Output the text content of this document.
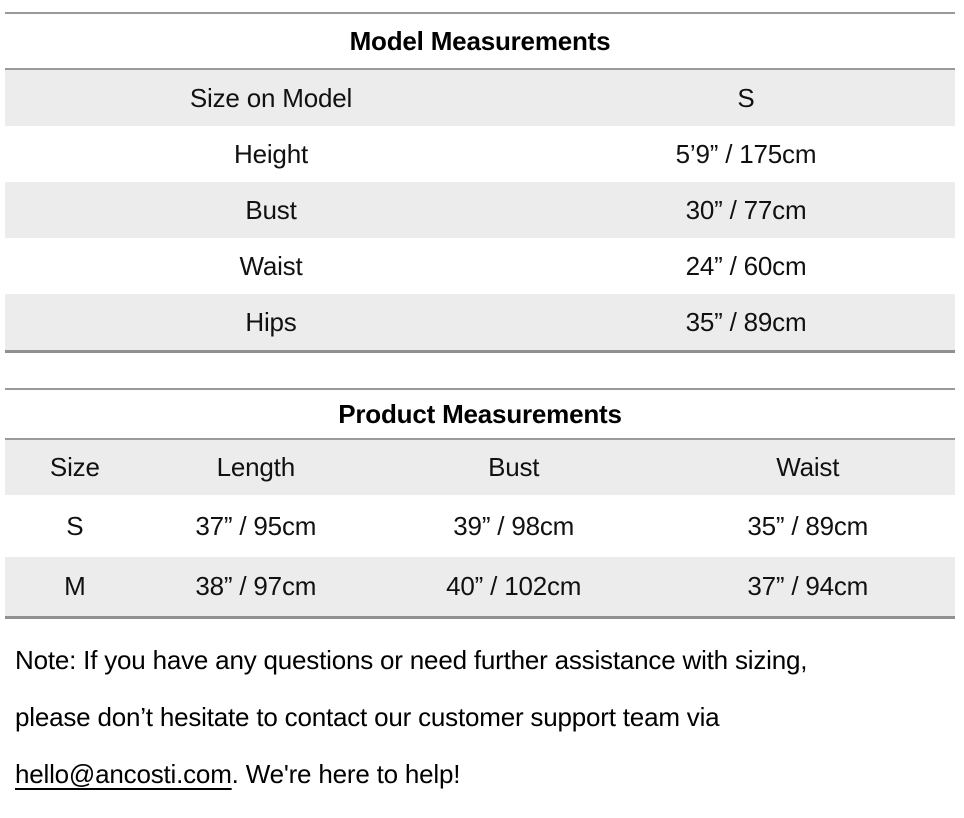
Model Measurements
Size on Model	S
Height	5’9” / 175cm
Bust	30” / 77cm
Waist	24” / 60cm
Hips	35” / 89cm
Product Measurements
Size	Length	Bust	Waist
S	37” / 95cm	39” / 98cm	35” / 89cm
M	38” / 97cm	40” / 102cm	37” / 94cm
Note: If you have any questions or need further assistance with sizing,
please don’t hesitate to contact our customer support team via
hello@ancosti.com. We're here to help!
